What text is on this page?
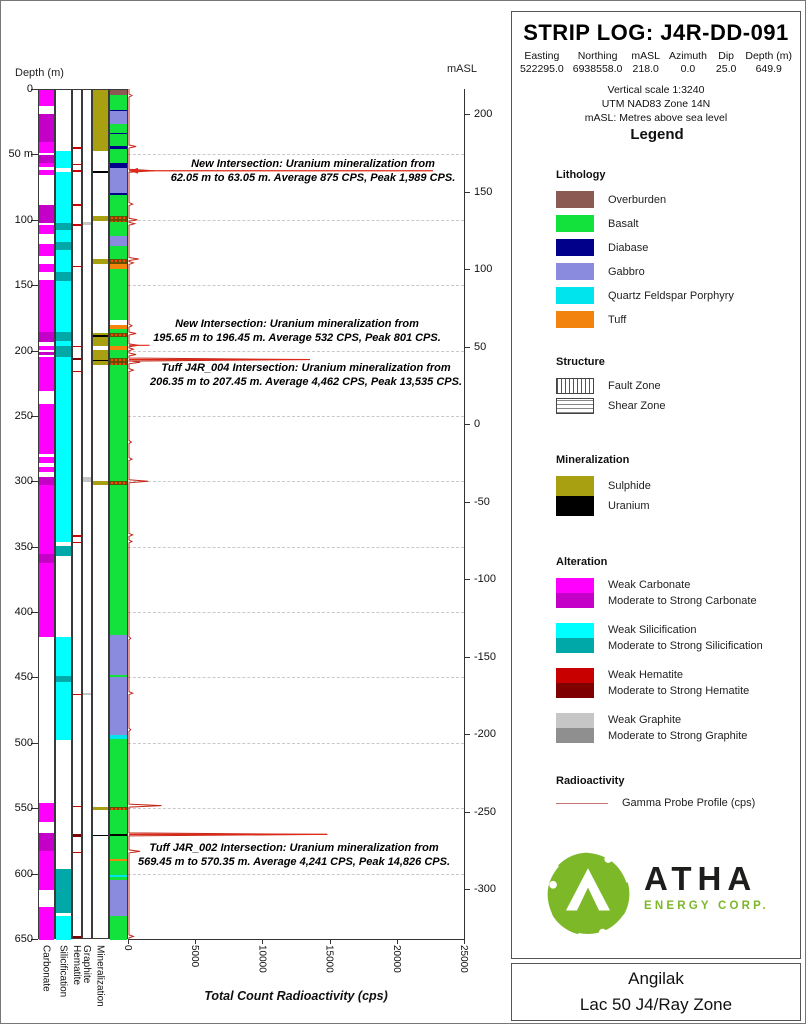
Depth (m)	mASL
0
50 m
100
150
200
250
300
350
400
450
500
550
600
650
0	5000	10000	15000	20000	25000
200
150
100
50
0
-50
-100
-150
-200
-250
-300
Carbonate Silicification Hematite Graphite Mineralization
New Intersection: Uranium mineralization from
62.05 m to 63.05 m. Average 875 CPS, Peak 1,989 CPS.
New Intersection: Uranium mineralization from
195.65 m to 196.45 m. Average 532 CPS, Peak 801 CPS.
Tuff J4R_004 Intersection: Uranium mineralization from
206.35 m to 207.45 m. Average 4,462 CPS, Peak 13,535 CPS.
Tuff J4R_002 Intersection: Uranium mineralization from
569.45 m to 570.35 m. Average 4,241 CPS, Peak 14,826 CPS.
Total Count Radioactivity (cps)
STRIP LOG: J4R-DD-091
Easting
522295.0
Northing
6938558.0
mASL
218.0
Azimuth
0.0
Dip
25.0
Depth (m)
649.9
Vertical scale 1:3240
UTM NAD83 Zone 14N
mASL: Metres above sea level
Legend
Lithology
Overburden
Basalt
Diabase
Gabbro
Quartz Feldspar Porphyry
Tuff
Structure
Fault Zone
Shear Zone
Mineralization
Sulphide
Uranium
Alteration
Weak Carbonate
Moderate to Strong Carbonate
Weak Silicification
Moderate to Strong Silicification
Weak Hematite
Moderate to Strong Hematite
Weak Graphite
Moderate to Strong Graphite
Radioactivity
Gamma Probe Profile (cps)
ATHA
ENERGY CORP.
Angilak
Lac 50 J4/Ray Zone
